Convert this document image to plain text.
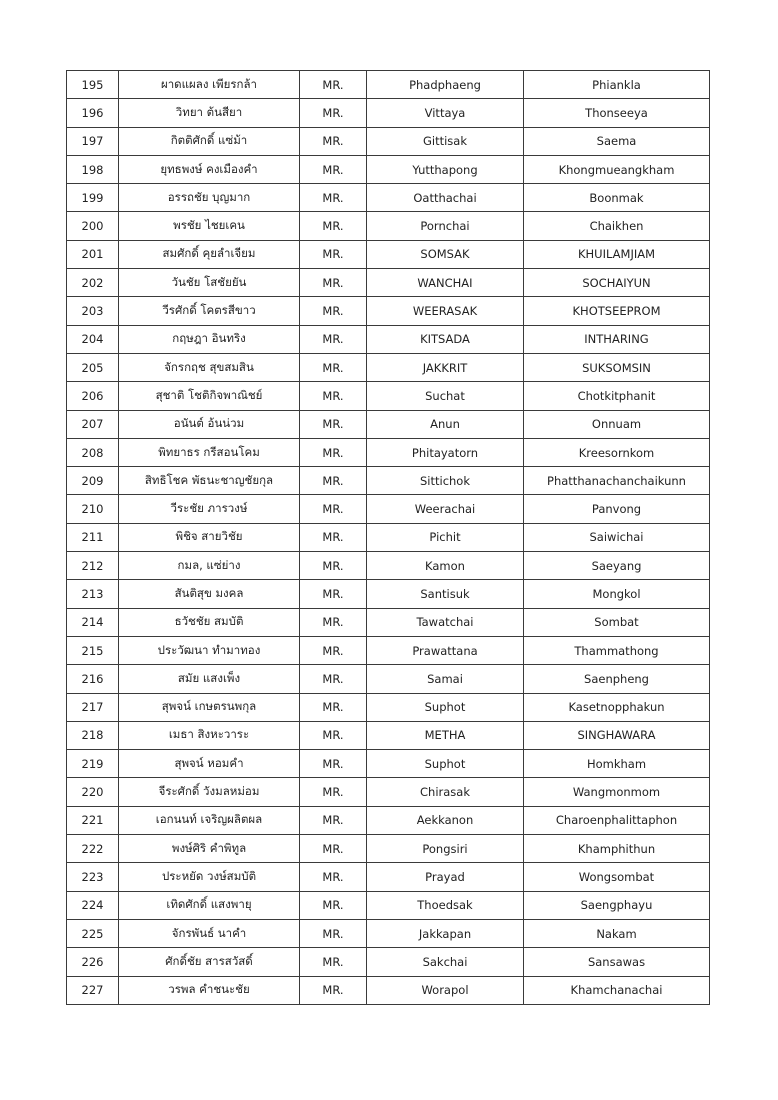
195	ผาดแผลง เพียรกล้า	MR.	Phadphaeng	Phiankla
196	วิทยา ต้นสียา	MR.	Vittaya	Thonseeya
197	กิตติศักดิ์ แซ่ม้า	MR.	Gittisak	Saema
198	ยุทธพงษ์ คงเมืองคำ	MR.	Yutthapong	Khongmueangkham
199	อรรถชัย บุญมาก	MR.	Oatthachai	Boonmak
200	พรชัย ไชยเคน	MR.	Pornchai	Chaikhen
201	สมศักดิ์ คุยลำเจียม	MR.	SOMSAK	KHUILAMJIAM
202	วันชัย โสชัยยัน	MR.	WANCHAI	SOCHAIYUN
203	วีรศักดิ์ โคตรสีขาว	MR.	WEERASAK	KHOTSEEPROM
204	กฤษฎา อินทริง	MR.	KITSADA	INTHARING
205	จักรกฤช สุขสมสิน	MR.	JAKKRIT	SUKSOMSIN
206	สุชาติ โชติกิจพาณิชย์	MR.	Suchat	Chotkitphanit
207	อนันต์ อ้นน่วม	MR.	Anun	Onnuam
208	พิทยาธร กรีสอนโคม	MR.	Phitayatorn	Kreesornkom
209	สิทธิโชค พัธนะชาญชัยกุล	MR.	Sittichok	Phatthanachanchaikunn
210	วีระชัย ภารวงษ์	MR.	Weerachai	Panvong
211	พิชิจ สายวิชัย	MR.	Pichit	Saiwichai
212	กมล, แซ่ย่าง	MR.	Kamon	Saeyang
213	สันติสุข มงคล	MR.	Santisuk	Mongkol
214	ธวัชชัย สมบัติ	MR.	Tawatchai	Sombat
215	ประวัฒนา ทำมาทอง	MR.	Prawattana	Thammathong
216	สมัย แสงเพ็ง	MR.	Samai	Saenpheng
217	สุพจน์ เกษตรนพกุล	MR.	Suphot	Kasetnopphakun
218	เมธา สิงหะวาระ	MR.	METHA	SINGHAWARA
219	สุพจน์ หอมคำ	MR.	Suphot	Homkham
220	จีระศักดิ์ วังมลหม่อม	MR.	Chirasak	Wangmonmom
221	เอกนนท์ เจริญผลิตผล	MR.	Aekkanon	Charoenphalittaphon
222	พงษ์ศิริ คำพิทูล	MR.	Pongsiri	Khamphithun
223	ประหยัด วงษ์สมบัติ	MR.	Prayad	Wongsombat
224	เทิดศักดิ์ แสงพายุ	MR.	Thoedsak	Saengphayu
225	จักรพันธ์ นาคำ	MR.	Jakkapan	Nakam
226	ศักดิ์ชัย สารสวัสดิ์	MR.	Sakchai	Sansawas
227	วรพล คำชนะชัย	MR.	Worapol	Khamchanachai
